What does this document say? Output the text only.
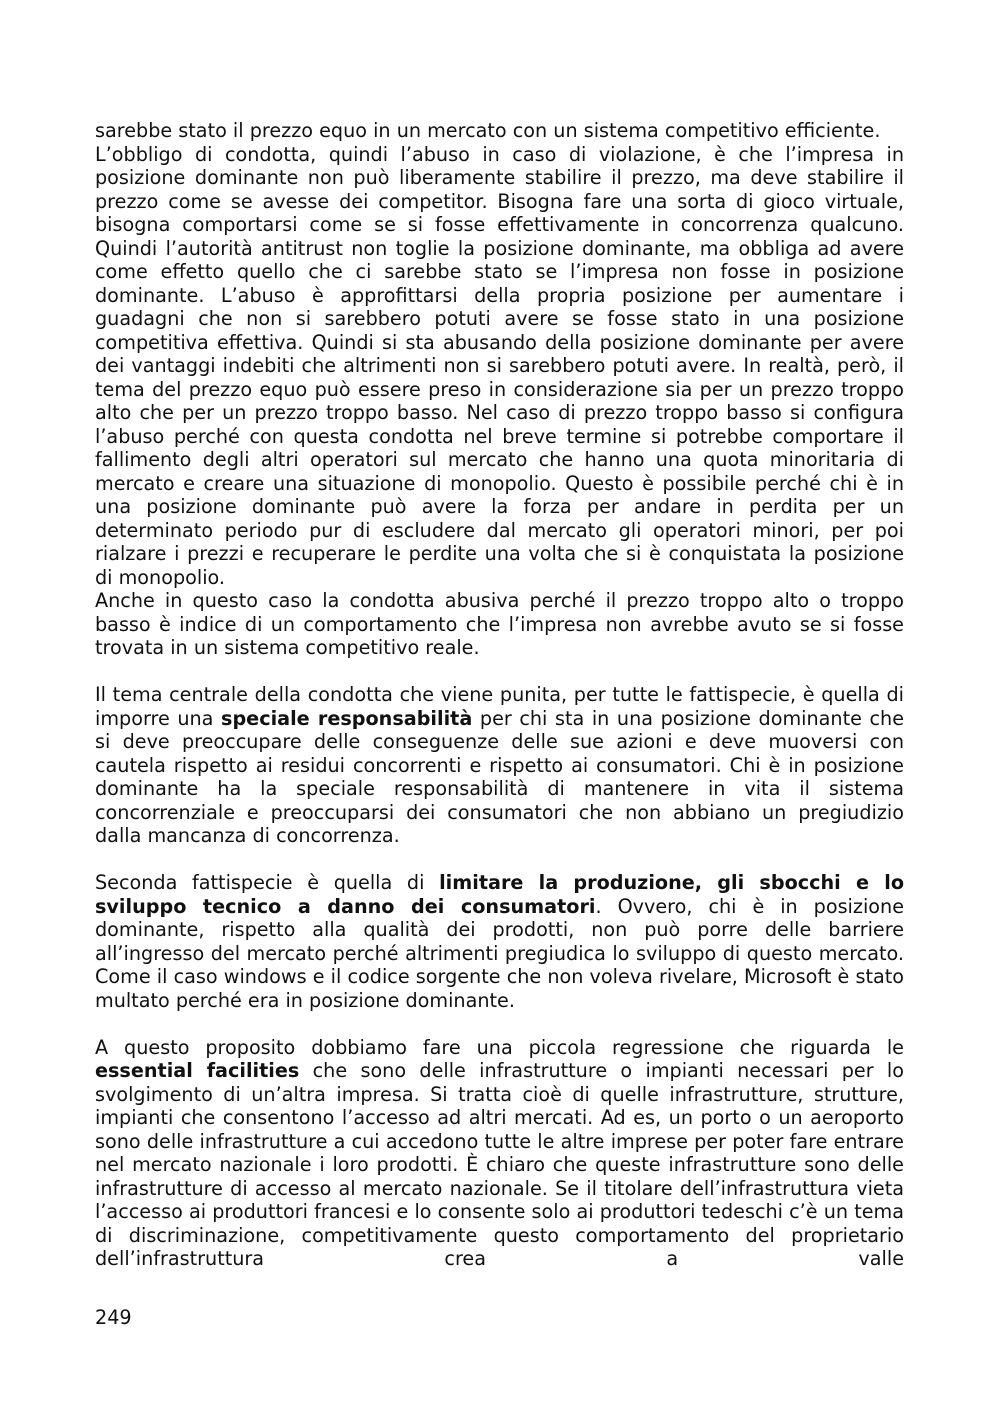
sarebbe stato il prezzo equo in un mercato con un sistema competitivo efficiente.

L’obbligo di condotta, quindi l’abuso in caso di violazione, è che l’impresa in posizione dominante non può liberamente stabilire il prezzo, ma deve stabilire il prezzo come se avesse dei competitor. Bisogna fare una sorta di gioco virtuale, bisogna comportarsi come se si fosse effettivamente in concorrenza qualcuno. Quindi l’autorità antitrust non toglie la posizione dominante, ma obbliga ad avere come effetto quello che ci sarebbe stato se l’impresa non fosse in posizione dominante. L’abuso è approfittarsi della propria posizione per aumentare i guadagni che non si sarebbero potuti avere se fosse stato in una posizione competitiva effettiva. Quindi si sta abusando della posizione dominante per avere dei vantaggi indebiti che altrimenti non si sarebbero potuti avere. In realtà, però, il tema del prezzo equo può essere preso in considerazione sia per un prezzo troppo alto che per un prezzo troppo basso. Nel caso di prezzo troppo basso si configura l’abuso perché con questa condotta nel breve termine si potrebbe comportare il fallimento degli altri operatori sul mercato che hanno una quota minoritaria di mercato e creare una situazione di monopolio. Questo è possibile perché chi è in una posizione dominante può avere la forza per andare in perdita per un determinato periodo pur di escludere dal mercato gli operatori minori, per poi rialzare i prezzi e recuperare le perdite una volta che si è conquistata la posizione di monopolio.

Anche in questo caso la condotta abusiva perché il prezzo troppo alto o troppo basso è indice di un comportamento che l’impresa non avrebbe avuto se si fosse trovata in un sistema competitivo reale.

Il tema centrale della condotta che viene punita, per tutte le fattispecie, è quella di imporre una speciale responsabilità per chi sta in una posizione dominante che si deve preoccupare delle conseguenze delle sue azioni e deve muoversi con cautela rispetto ai residui concorrenti e rispetto ai consumatori. Chi è in posizione dominante ha la speciale responsabilità di mantenere in vita il sistema concorrenziale e preoccuparsi dei consumatori che non abbiano un pregiudizio dalla mancanza di concorrenza.

Seconda fattispecie è quella di limitare la produzione, gli sbocchi e lo sviluppo tecnico a danno dei consumatori. Ovvero, chi è in posizione dominante, rispetto alla qualità dei prodotti, non può porre delle barriere all’ingresso del mercato perché altrimenti pregiudica lo sviluppo di questo mercato. Come il caso windows e il codice sorgente che non voleva rivelare, Microsoft è stato multato perché era in posizione dominante.

A questo proposito dobbiamo fare una piccola regressione che riguarda le essential facilities che sono delle infrastrutture o impianti necessari per lo svolgimento di un’altra impresa. Si tratta cioè di quelle infrastrutture, strutture, impianti che consentono l’accesso ad altri mercati. Ad es, un porto o un aeroporto sono delle infrastrutture a cui accedono tutte le altre imprese per poter fare entrare nel mercato nazionale i loro prodotti. È chiaro che queste infrastrutture sono delle infrastrutture di accesso al mercato nazionale. Se il titolare dell’infrastruttura vieta l’accesso ai produttori francesi e lo consente solo ai produttori tedeschi c’è un tema di discriminazione, competitivamente questo comportamento del proprietario dell’infrastruttura crea a valle

249
